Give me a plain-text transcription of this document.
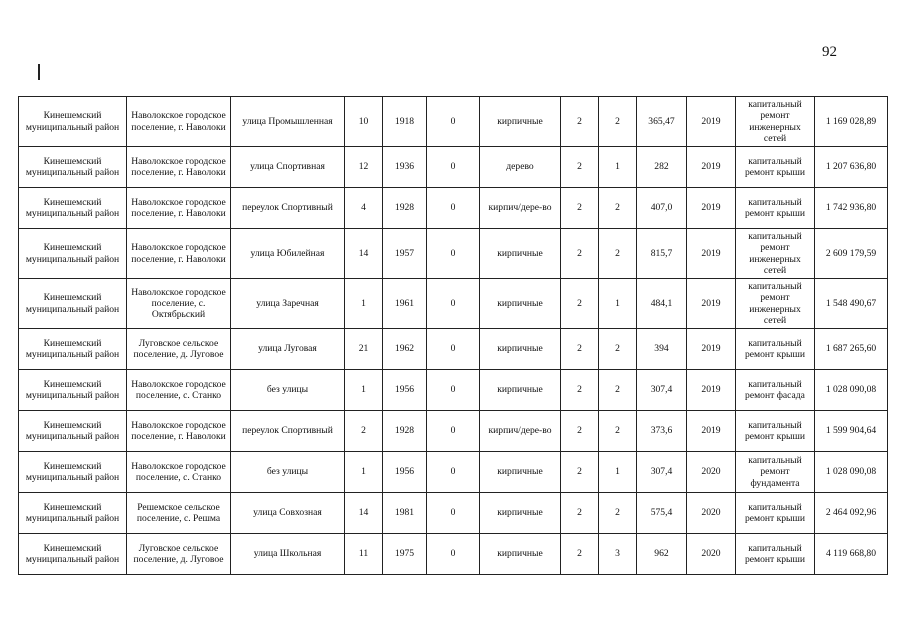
92
Кинешемский муниципальный район	Наволокское городское поселение, г. Наволоки	улица Промышленная	10	1918	0	кирпичные	2	2	365,47	2019	капитальный ремонт инженерных сетей	1 169 028,89
Кинешемский муниципальный район	Наволокское городское поселение, г. Наволоки	улица Спортивная	12	1936	0	дерево	2	1	282	2019	капитальный ремонт крыши	1 207 636,80
Кинешемский муниципальный район	Наволокское городское поселение, г. Наволоки	переулок Спортивный	4	1928	0	кирпич/дере-во	2	2	407,0	2019	капитальный ремонт крыши	1 742 936,80
Кинешемский муниципальный район	Наволокское городское поселение, г. Наволоки	улица Юбилейная	14	1957	0	кирпичные	2	2	815,7	2019	капитальный ремонт инженерных сетей	2 609 179,59
Кинешемский муниципальный район	Наволокское городское поселение, с. Октябрьский	улица Заречная	1	1961	0	кирпичные	2	1	484,1	2019	капитальный ремонт инженерных сетей	1 548 490,67
Кинешемский муниципальный район	Луговское сельское поселение, д. Луговое	улица Луговая	21	1962	0	кирпичные	2	2	394	2019	капитальный ремонт крыши	1 687 265,60
Кинешемский муниципальный район	Наволокское городское поселение, с. Станко	без улицы	1	1956	0	кирпичные	2	2	307,4	2019	капитальный ремонт фасада	1 028 090,08
Кинешемский муниципальный район	Наволокское городское поселение, г. Наволоки	переулок Спортивный	2	1928	0	кирпич/дере-во	2	2	373,6	2019	капитальный ремонт крыши	1 599 904,64
Кинешемский муниципальный район	Наволокское городское поселение, с. Станко	без улицы	1	1956	0	кирпичные	2	1	307,4	2020	капитальный ремонт фундамента	1 028 090,08
Кинешемский муниципальный район	Решемское сельское поселение, с. Решма	улица Совхозная	14	1981	0	кирпичные	2	2	575,4	2020	капитальный ремонт крыши	2 464 092,96
Кинешемский муниципальный район	Луговское сельское поселение, д. Луговое	улица Школьная	11	1975	0	кирпичные	2	3	962	2020	капитальный ремонт крыши	4 119 668,80
